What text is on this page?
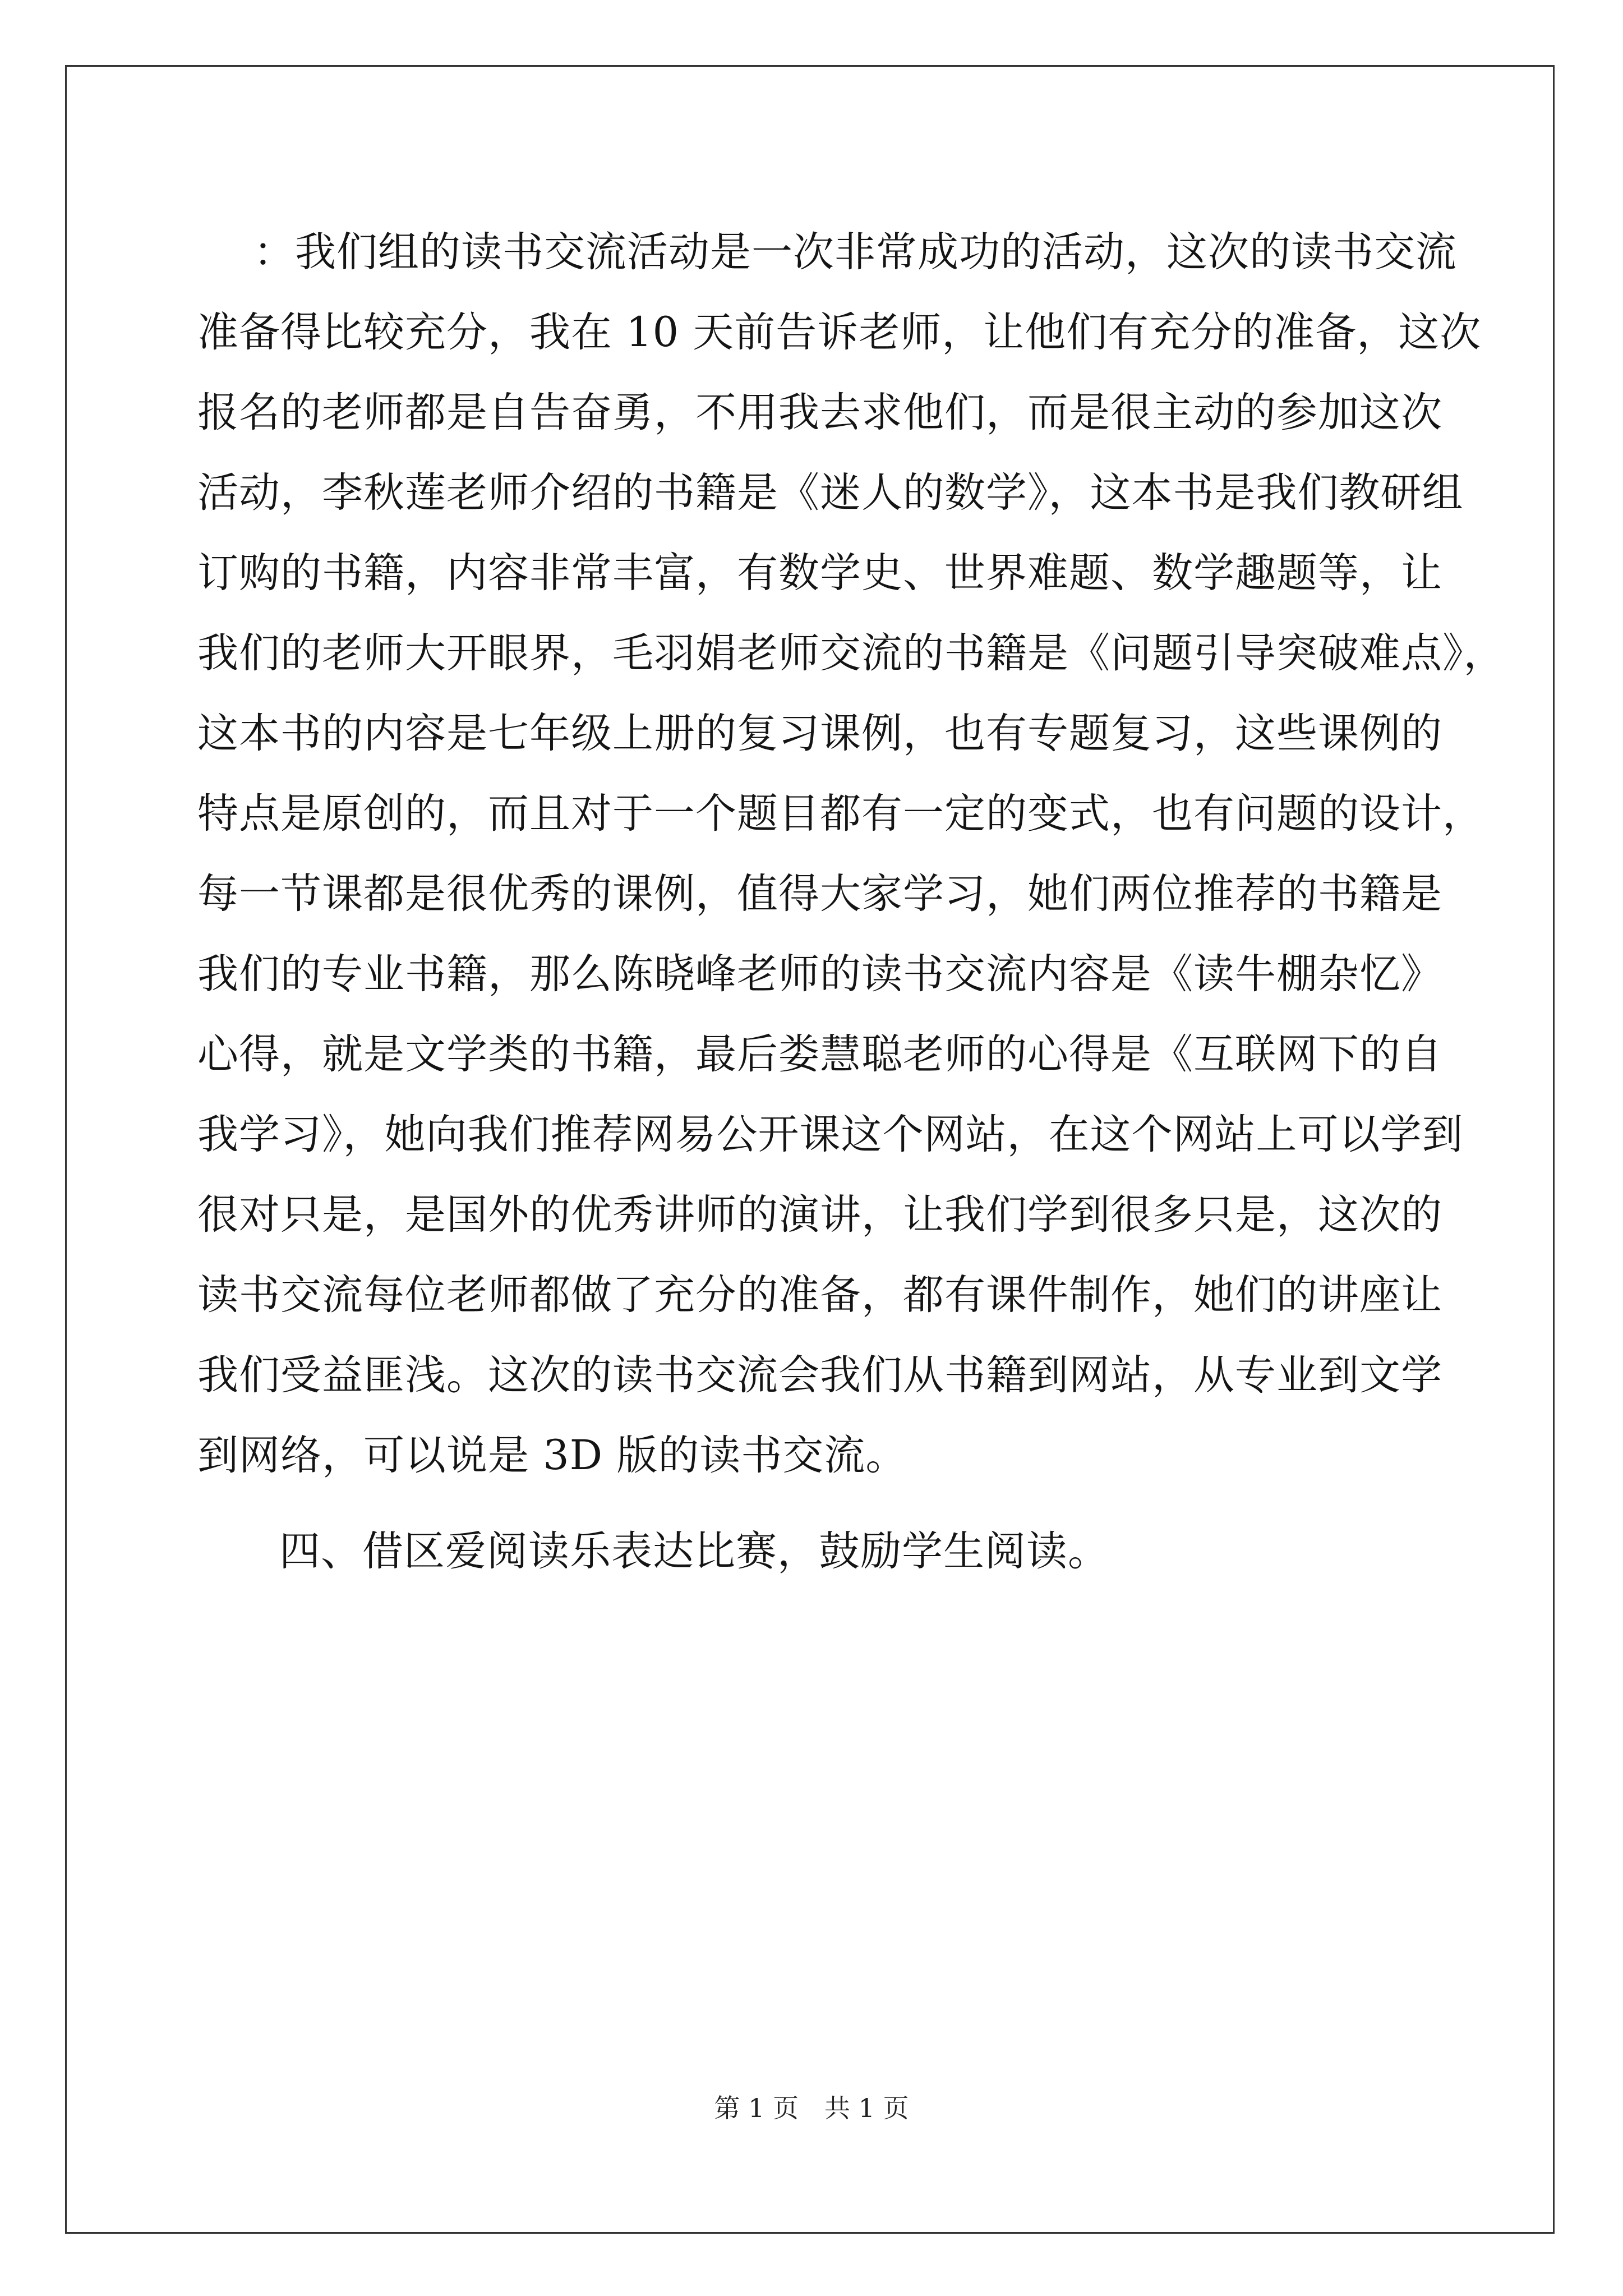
：我们组的读书交流活动是一次非常成功的活动，这次的读书交流
准备得比较充分，我在 10 天前告诉老师，让他们有充分的准备，这次
报名的老师都是自告奋勇，不用我去求他们，而是很主动的参加这次
活动，李秋莲老师介绍的书籍是《迷人的数学》，这本书是我们教研组
订购的书籍，内容非常丰富，有数学史、世界难题、数学趣题等，让
我们的老师大开眼界，毛羽娟老师交流的书籍是《问题引导突破难点》，
这本书的内容是七年级上册的复习课例，也有专题复习，这些课例的
特点是原创的，而且对于一个题目都有一定的变式，也有问题的设计，
每一节课都是很优秀的课例，值得大家学习，她们两位推荐的书籍是
我们的专业书籍，那么陈晓峰老师的读书交流内容是《读牛棚杂忆》
心得，就是文学类的书籍，最后娄慧聪老师的心得是《互联网下的自
我学习》，她向我们推荐网易公开课这个网站，在这个网站上可以学到
很对只是，是国外的优秀讲师的演讲，让我们学到很多只是，这次的
读书交流每位老师都做了充分的准备，都有课件制作，她们的讲座让
我们受益匪浅。这次的读书交流会我们从书籍到网站，从专业到文学
到网络，可以说是 3D 版的读书交流。
四、借区爱阅读乐表达比赛，鼓励学生阅读。
第 1 页　共 1 页
